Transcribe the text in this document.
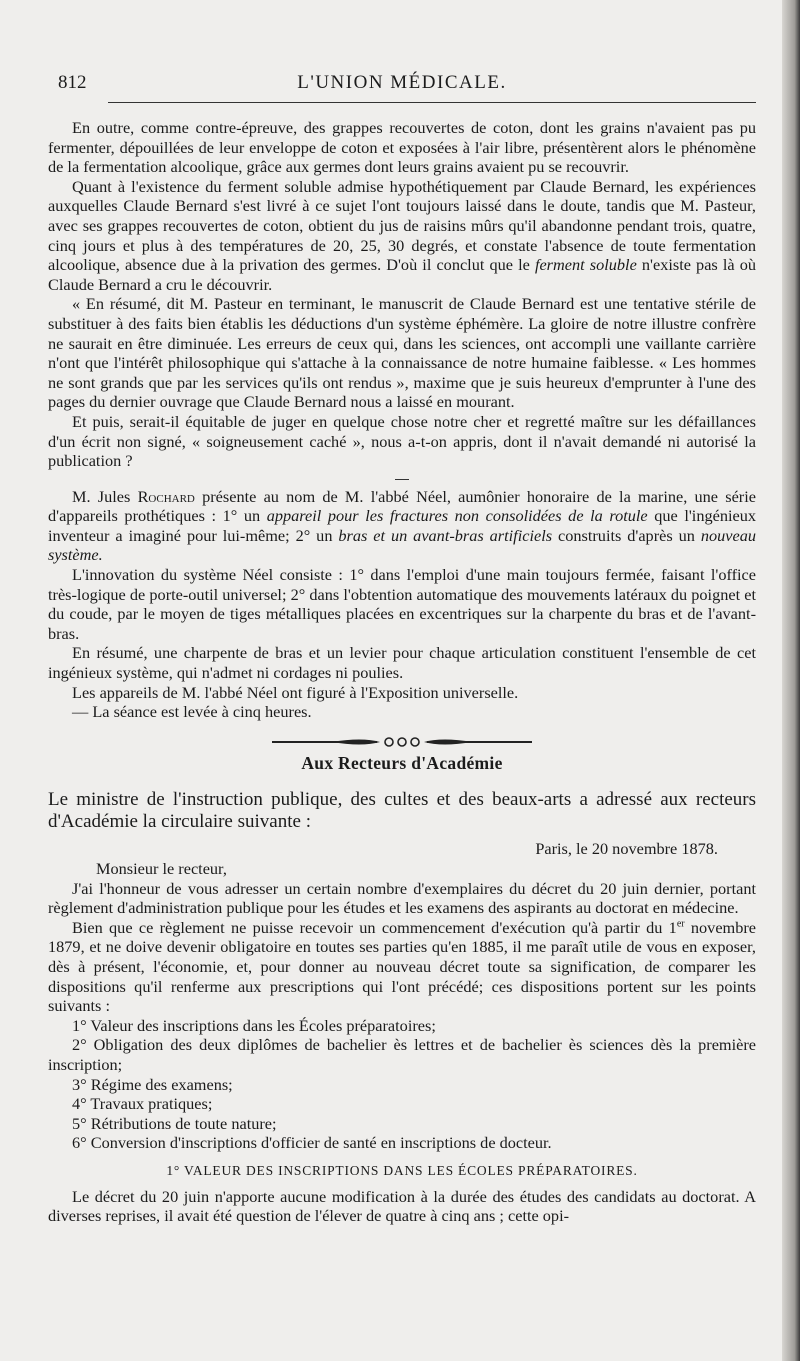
812	L'UNION MÉDICALE.

En outre, comme contre-épreuve, des grappes recouvertes de coton, dont les grains n'avaient pas pu fermenter, dépouillées de leur enveloppe de coton et exposées à l'air libre, présentèrent alors le phénomène de la fermentation alcoolique, grâce aux germes dont leurs grains avaient pu se recouvrir.

Quant à l'existence du ferment soluble admise hypothétiquement par Claude Bernard, les expériences auxquelles Claude Bernard s'est livré à ce sujet l'ont toujours laissé dans le doute, tandis que M. Pasteur, avec ses grappes recouvertes de coton, obtient du jus de raisins mûrs qu'il abandonne pendant trois, quatre, cinq jours et plus à des températures de 20, 25, 30 degrés, et constate l'absence de toute fermentation alcoolique, absence due à la privation des germes. D'où il conclut que le ferment soluble n'existe pas là où Claude Bernard a cru le découvrir.

« En résumé, dit M. Pasteur en terminant, le manuscrit de Claude Bernard est une tentative stérile de substituer à des faits bien établis les déductions d'un système éphémère. La gloire de notre illustre confrère ne saurait en être diminuée. Les erreurs de ceux qui, dans les sciences, ont accompli une vaillante carrière n'ont que l'intérêt philosophique qui s'attache à la connaissance de notre humaine faiblesse. « Les hommes ne sont grands que par les services qu'ils ont rendus », maxime que je suis heureux d'emprunter à l'une des pages du dernier ouvrage que Claude Bernard nous a laissé en mourant.

Et puis, serait-il équitable de juger en quelque chose notre cher et regretté maître sur les défaillances d'un écrit non signé, « soigneusement caché », nous a-t-on appris, dont il n'avait demandé ni autorisé la publication ?

M. Jules Rochard présente au nom de M. l'abbé Néel, aumônier honoraire de la marine, une série d'appareils prothétiques : 1° un appareil pour les fractures non consolidées de la rotule que l'ingénieux inventeur a imaginé pour lui-même; 2° un bras et un avant-bras artificiels construits d'après un nouveau système.

L'innovation du système Néel consiste : 1° dans l'emploi d'une main toujours fermée, faisant l'office très-logique de porte-outil universel; 2° dans l'obtention automatique des mouvements latéraux du poignet et du coude, par le moyen de tiges métalliques placées en excentriques sur la charpente du bras et de l'avant-bras.

En résumé, une charpente de bras et un levier pour chaque articulation constituent l'ensemble de cet ingénieux système, qui n'admet ni cordages ni poulies.

Les appareils de M. l'abbé Néel ont figuré à l'Exposition universelle.

— La séance est levée à cinq heures.

Aux Recteurs d'Académie

Le ministre de l'instruction publique, des cultes et des beaux-arts a adressé aux recteurs d'Académie la circulaire suivante :

Paris, le 20 novembre 1878.

Monsieur le recteur,

J'ai l'honneur de vous adresser un certain nombre d'exemplaires du décret du 20 juin dernier, portant règlement d'administration publique pour les études et les examens des aspirants au doctorat en médecine.

Bien que ce règlement ne puisse recevoir un commencement d'exécution qu'à partir du 1er novembre 1879, et ne doive devenir obligatoire en toutes ses parties qu'en 1885, il me paraît utile de vous en exposer, dès à présent, l'économie, et, pour donner au nouveau décret toute sa signification, de comparer les dispositions qu'il renferme aux prescriptions qui l'ont précédé; ces dispositions portent sur les points suivants :

1° Valeur des inscriptions dans les Écoles préparatoires;

2° Obligation des deux diplômes de bachelier ès lettres et de bachelier ès sciences dès la première inscription;

3° Régime des examens;

4° Travaux pratiques;

5° Rétributions de toute nature;

6° Conversion d'inscriptions d'officier de santé en inscriptions de docteur.

1° VALEUR DES INSCRIPTIONS DANS LES ÉCOLES PRÉPARATOIRES.

Le décret du 20 juin n'apporte aucune modification à la durée des études des candidats au doctorat. A diverses reprises, il avait été question de l'élever de quatre à cinq ans ; cette opi-
